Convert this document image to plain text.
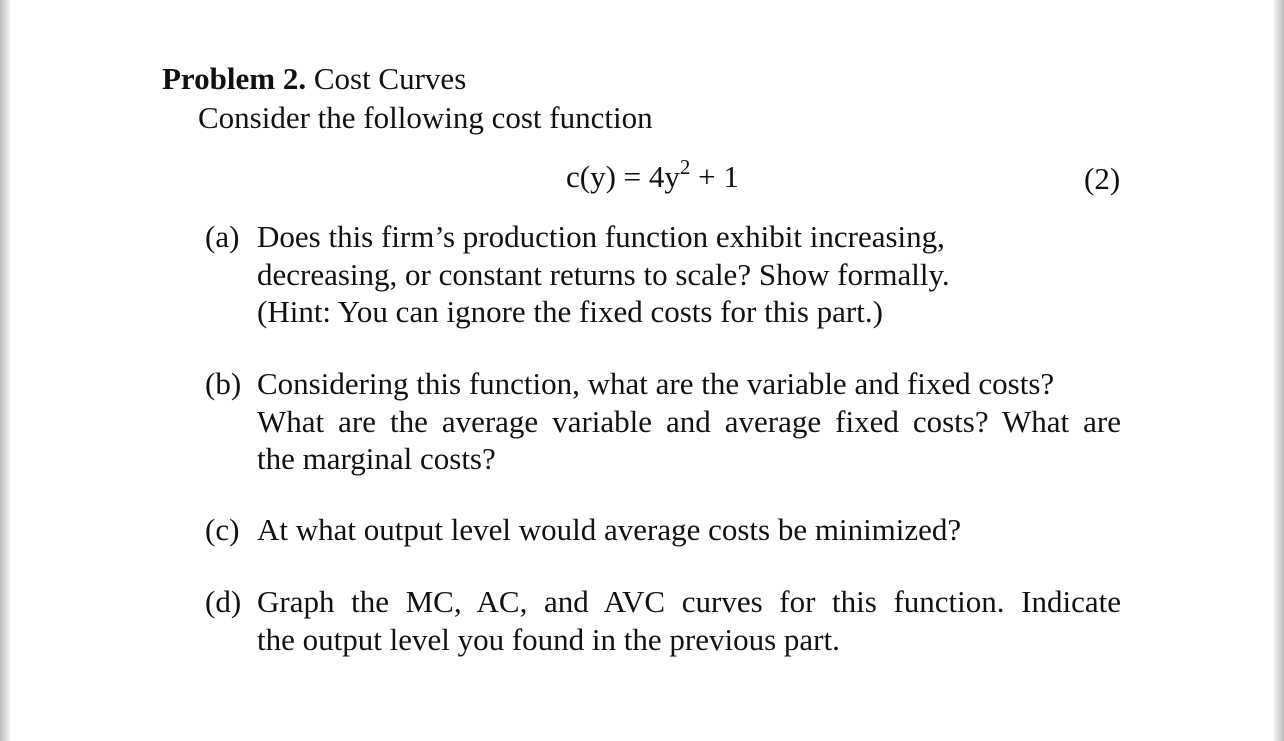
Problem 2. Cost Curves
Consider the following cost function
$c(y) = 4y^2 + 1$	(2)
(a) Does this firm’s production function exhibit increasing,
decreasing, or constant returns to scale? Show formally.
(Hint: You can ignore the fixed costs for this part.)
(b) Considering this function, what are the variable and fixed costs?
What are the average variable and average fixed costs? What are
the marginal costs?
(c) At what output level would average costs be minimized?
(d) Graph the MC, AC, and AVC curves for this function. Indicate
the output level you found in the previous part.
